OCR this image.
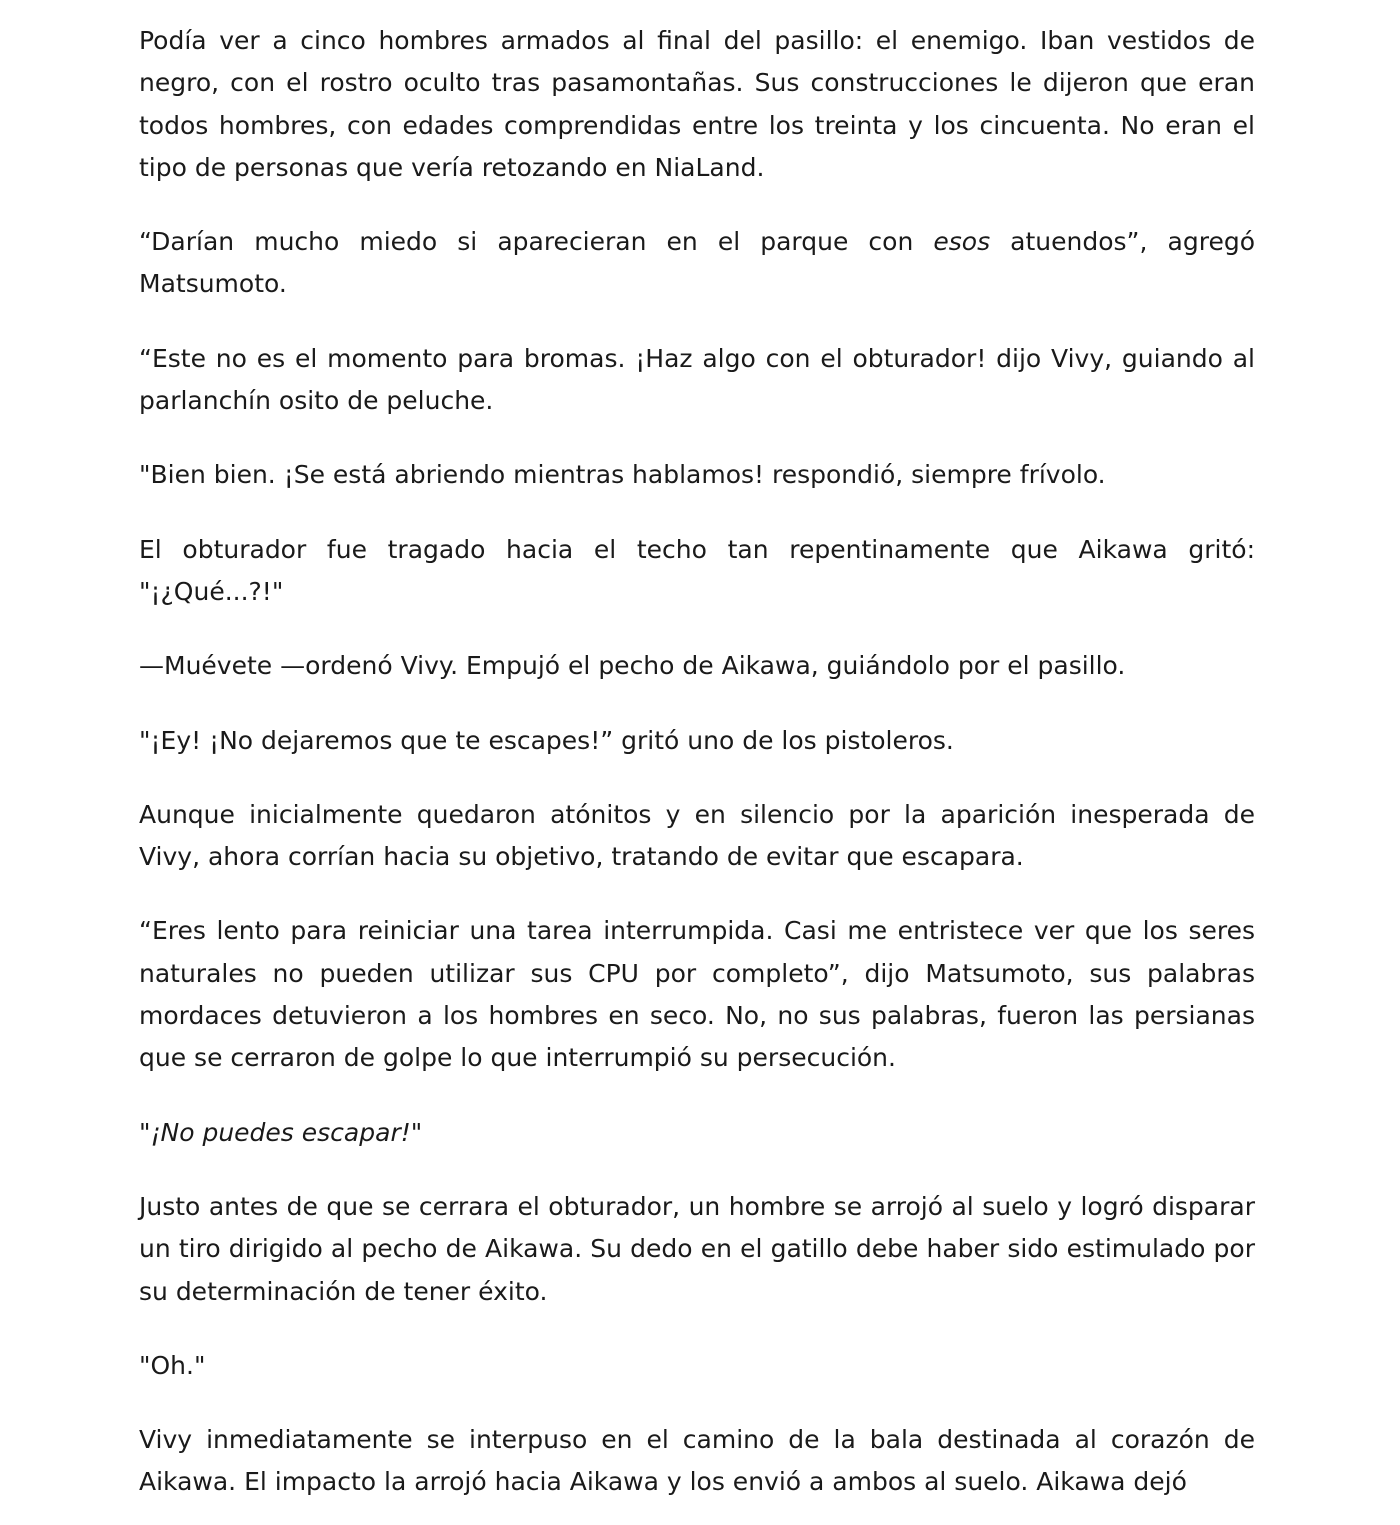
Podía ver a cinco hombres armados al final del pasillo: el enemigo. Iban vestidos de negro, con el rostro oculto tras pasamontañas. Sus construcciones le dijeron que eran todos hombres, con edades comprendidas entre los treinta y los cincuenta. No eran el tipo de personas que vería retozando en NiaLand.

“Darían mucho miedo si aparecieran en el parque con esos atuendos”, agregó Matsumoto.

“Este no es el momento para bromas. ¡Haz algo con el obturador! dijo Vivy, guiando al parlanchín osito de peluche.

"Bien bien. ¡Se está abriendo mientras hablamos! respondió, siempre frívolo.

El obturador fue tragado hacia el techo tan repentinamente que Aikawa gritó: "¡¿Qué...?!"

—Muévete —ordenó Vivy. Empujó el pecho de Aikawa, guiándolo por el pasillo.

"¡Ey! ¡No dejaremos que te escapes!” gritó uno de los pistoleros.

Aunque inicialmente quedaron atónitos y en silencio por la aparición inesperada de Vivy, ahora corrían hacia su objetivo, tratando de evitar que escapara.

“Eres lento para reiniciar una tarea interrumpida. Casi me entristece ver que los seres naturales no pueden utilizar sus CPU por completo”, dijo Matsumoto, sus palabras mordaces detuvieron a los hombres en seco. No, no sus palabras, fueron las persianas que se cerraron de golpe lo que interrumpió su persecución.

"¡No puedes escapar!"

Justo antes de que se cerrara el obturador, un hombre se arrojó al suelo y logró disparar un tiro dirigido al pecho de Aikawa. Su dedo en el gatillo debe haber sido estimulado por su determinación de tener éxito.

"Oh."

Vivy inmediatamente se interpuso en el camino de la bala destinada al corazón de Aikawa. El impacto la arrojó hacia Aikawa y los envió a ambos al suelo. Aikawa dejó
